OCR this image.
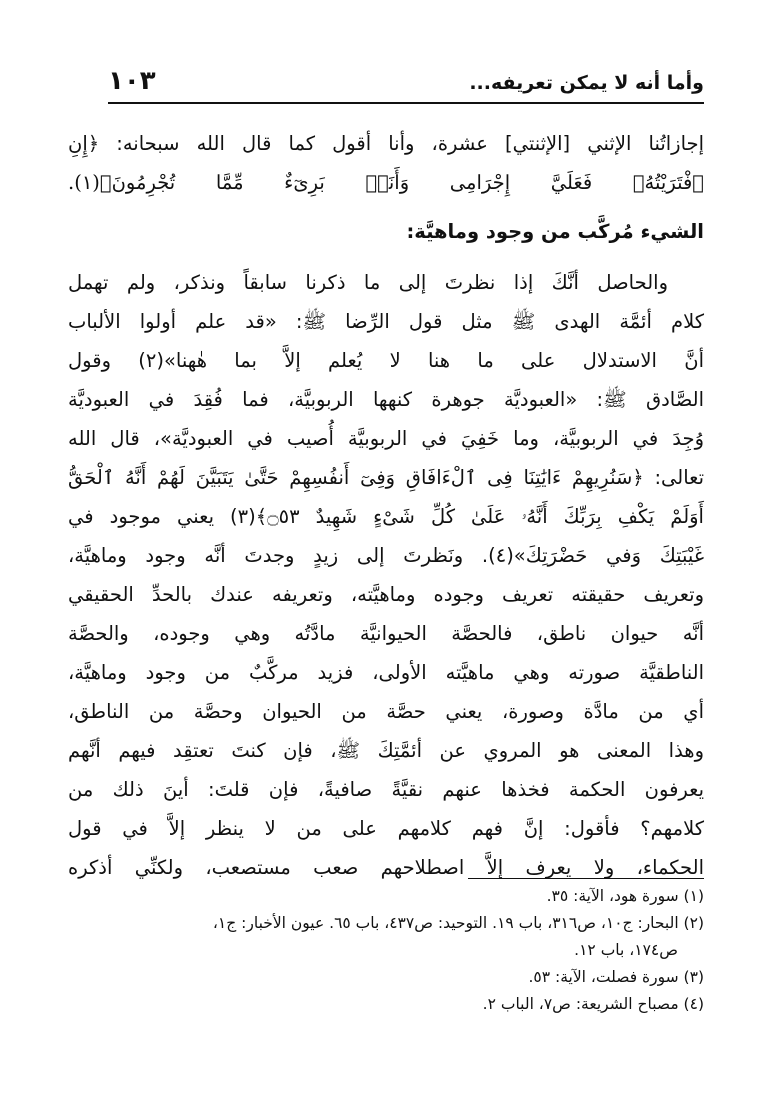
وأما أنه لا يمكن تعريفه...
١٠٣
إجازاتُنا الإثني [الإثنتي] عشرة، وأنا أقول كما قال الله سبحانه: ﴿إِنِ
ٱفْتَرَيْتُهُۥ فَعَلَيَّ إِجْرَامِى وَأَنَا۠ بَرِىٓءٌ مِّمَّا تُجْرِمُونَ﴾(١).
الشيء مُركَّب من وجود وماهيَّة:
والحاصل أنَّكَ إذا نظرتَ إلى ما ذكرنا سابقاً ونذكر، ولم تهمل
كلام أئمَّة الهدى ﷺ مثل قول الرِّضا ﷺ: «قد علم أولوا الألباب
أنَّ الاستدلال على ما هنا لا يُعلم إلاَّ بما هٰهنا»(٢) وقول
الصَّادق ﷺ: «العبوديَّة جوهرة كنهها الربوبيَّة، فما فُقِدَ في العبوديَّة
وُجِدَ في الربوبيَّة، وما خَفِيَ في الربوبيَّة أُصيب في العبوديَّة»، قال الله
تعالى: ﴿سَنُرِيهِمْ ءَايَٰتِنَا فِى ٱلْءَافَاقِ وَفِىٓ أَنفُسِهِمْ حَتَّىٰ يَتَبَيَّنَ لَهُمْ أَنَّهُ ٱلْحَقُّ
أَوَلَمْ يَكْفِ بِرَبِّكَ أَنَّهُۥ عَلَىٰ كُلِّ شَىْءٍ شَهِيدٌ ۝٥٣﴾(٣) يعني موجود في
غَيْبَتِكَ وَفي حَضْرَتِكَ»(٤). ونَظرتَ إلى زيدٍ وجدتَ أنَّه وجود وماهيَّة،
وتعريف حقيقته تعريف وجوده وماهيَّته، وتعريفه عندك بالحدِّ الحقيقي
أنَّه حيوان ناطق، فالحصَّة الحيوانيَّة مادَّتُه وهي وجوده، والحصَّة
الناطقيَّة صورته وهي ماهيَّته الأولى، فزيد مركَّبٌ من وجود وماهيَّة،
أي من مادَّة وصورة، يعني حصَّة من الحيوان وحصَّة من الناطق،
وهذا المعنى هو المروي عن أئمَّتِكَ ﷺ، فإن كنتَ تعتقِد فيهم أنَّهم
يعرفون الحكمة فخذها عنهم نقيَّةً صافيةً، فإن قلتَ: أينَ ذلك من
كلامهم؟ فأقول: إنَّ فهم كلامهم على من لا ينظر إلاَّ في قول
الحكماء، ولا يعرف إلاَّ اصطلاحهم صعب مستصعب، ولكنِّي أذكره
(١) سورة هود، الآية: ٣٥.
(٢) البحار: ج١٠، ص٣١٦، باب ١٩. التوحيد: ص٤٣٧، باب ٦٥. عيون الأخبار: ج١،
ص١٧٤، باب ١٢.
(٣) سورة فصلت، الآية: ٥٣.
(٤) مصباح الشريعة: ص٧، الباب ٢.
